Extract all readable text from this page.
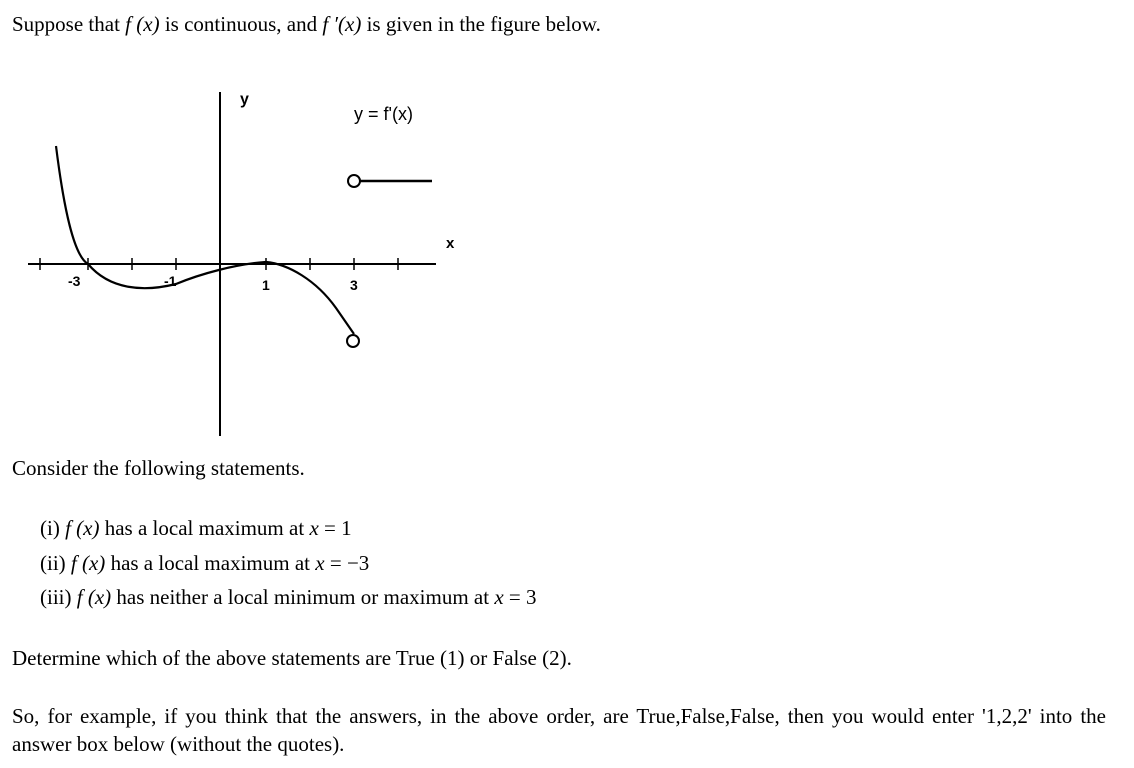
Suppose that f (x) is continuous, and f ′(x) is given in the figure below.
y
y = f'(x)
x
-3	-1	1	3
Consider the following statements.
(i) f (x) has a local maximum at x = 1
(ii) f (x) has a local maximum at x = −3
(iii) f (x) has neither a local minimum or maximum at x = 3
Determine which of the above statements are True (1) or False (2).
So, for example, if you think that the answers, in the above order, are True,False,False, then you would enter '1,2,2' into the answer box below (without the quotes).
